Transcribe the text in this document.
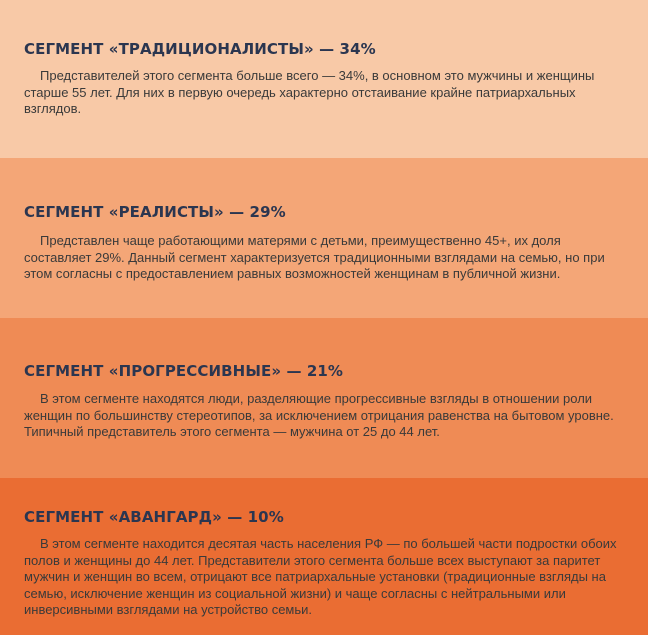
СЕГМЕНТ «ТРАДИЦИОНАЛИСТЫ» — 34%

Представителей этого сегмента больше всего — 34%, в основном это мужчины и женщины старше 55 лет. Для них в первую очередь характерно отстаивание крайне патриархальных взглядов.

СЕГМЕНТ «РЕАЛИСТЫ» — 29%

Представлен чаще работающими матерями с детьми, преимущественно 45+, их доля составляет 29%. Данный сегмент характеризуется традиционными взглядами на семью, но при этом согласны с предоставлением равных возможностей женщинам в публичной жизни.

СЕГМЕНТ «ПРОГРЕССИВНЫЕ» — 21%

В этом сегменте находятся люди, разделяющие прогрессивные взгляды в отношении роли женщин по большинству стереотипов, за исключением отрицания равенства на бытовом уровне. Типичный представитель этого сегмента — мужчина от 25 до 44 лет.

СЕГМЕНТ «АВАНГАРД» — 10%

В этом сегменте находится десятая часть населения РФ — по большей части подростки обоих полов и женщины до 44 лет. Представители этого сегмента больше всех выступают за паритет мужчин и женщин во всем, отрицают все патриархальные установки (традиционные взгляды на семью, исключение женщин из социальной жизни) и чаще согласны с нейтральными или инверсивными взглядами на устройство семьи.
